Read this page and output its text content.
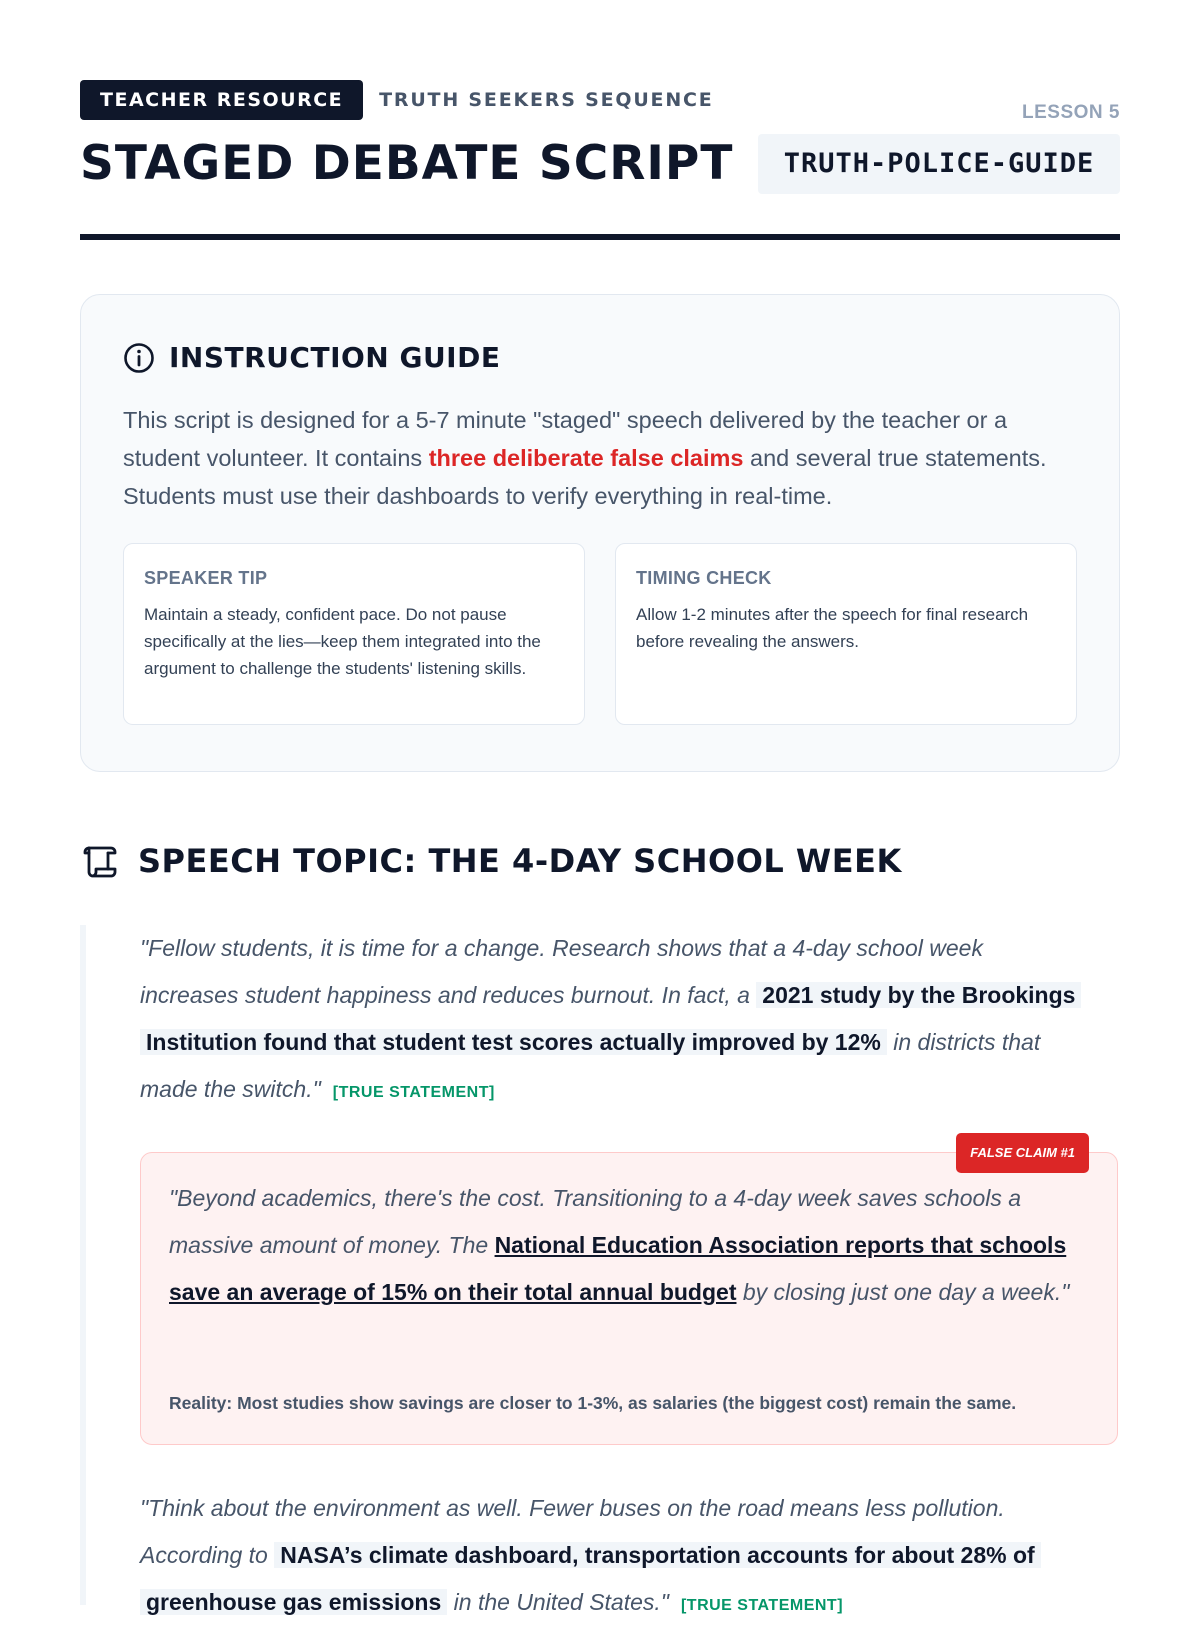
TEACHER RESOURCE	TRUTH SEEKERS SEQUENCE
LESSON 5
STAGED DEBATE SCRIPT	TRUTH-POLICE-GUIDE
INSTRUCTION GUIDE

This script is designed for a 5-7 minute "staged" speech delivered by the teacher or a student volunteer. It contains three deliberate false claims and several true statements. Students must use their dashboards to verify everything in real-time.

SPEAKER TIP
Maintain a steady, confident pace. Do not pause specifically at the lies—keep them integrated into the argument to challenge the students' listening skills.
TIMING CHECK
Allow 1-2 minutes after the speech for final research before revealing the answers.
SPEECH TOPIC: THE 4-DAY SCHOOL WEEK

"Fellow students, it is time for a change. Research shows that a 4-day school week increases student happiness and reduces burnout. In fact, a 2021 study by the Brookings Institution found that student test scores actually improved by 12% in districts that made the switch." [TRUE STATEMENT]

FALSE CLAIM #1

"Beyond academics, there's the cost. Transitioning to a 4-day week saves schools a massive amount of money. The National Education Association reports that schools save an average of 15% on their total annual budget by closing just one day a week."

Reality: Most studies show savings are closer to 1-3%, as salaries (the biggest cost) remain the same.

"Think about the environment as well. Fewer buses on the road means less pollution. According to NASA’s climate dashboard, transportation accounts for about 28% of greenhouse gas emissions in the United States." [TRUE STATEMENT]
